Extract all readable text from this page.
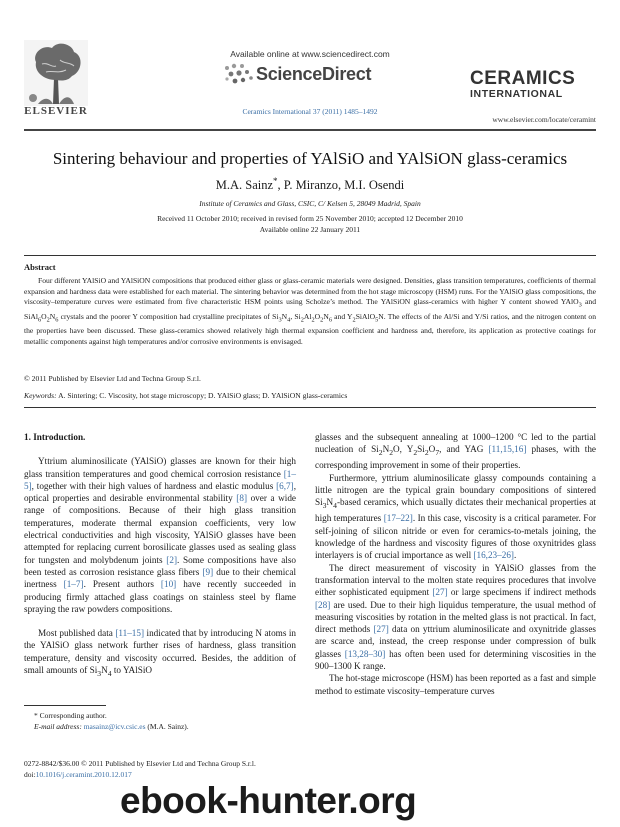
ELSEVIER
Available online at www.sciencedirect.com
ScienceDirect
Ceramics International 37 (2011) 1485–1492
CERAMICS
INTERNATIONAL
www.elsevier.com/locate/ceramint
Sintering behaviour and properties of YAlSiO and YAlSiON glass-ceramics
M.A. Sainz*, P. Miranzo, M.I. Osendi
Institute of Ceramics and Glass, CSIC, C/ Kelsen 5, 28049 Madrid, Spain
Received 11 October 2010; received in revised form 25 November 2010; accepted 12 December 2010
Available online 22 January 2011
Abstract
Four different YAlSiO and YAlSiON compositions that produced either glass or glass-ceramic materials were designed. Densities, glass transition temperatures, coefficients of thermal expansion and hardness data were established for each material. The sintering behavior was determined from the hot stage microscopy (HSM) runs. For the YAlSiO glass compositions, the viscosity–temperature curves were estimated from five characteristic HSM points using Scholze’s method. The YAlSiON glass-ceramics with higher Y content showed YAlO$_3$ and $SiAl_6O_2N_6$ crystals and the poorer Y composition had crystalline precipitates of $Si_3N_4$, $Si_2Al_2O_2N_6$ and $Y_2SiAlO_5N$. The effects of the Al/Si and Y/Si ratios, and the nitrogen content on the properties have been discussed. These glass-ceramics showed relatively high thermal expansion coefficient and hardness and, therefore, its application as protective coatings for metallic components against high temperatures and/or corrosive environments is envisaged.
© 2011 Published by Elsevier Ltd and Techna Group S.r.l.
Keywords: A. Sintering; C. Viscosity, hot stage microscopy; D. YAlSiO glass; D. YAlSiON glass-ceramics
1. Introduction.

Yttrium aluminosilicate (YAlSiO) glasses are known for their high glass transition temperatures and good chemical corrosion resistance [1–5], together with their high values of hardness and elastic modulus [6,7], optical properties and desirable environmental stability [8] over a wide range of compositions. Because of their high glass transition temperatures, moderate thermal expansion coefficients, very low electrical conductivities and high viscosity, YAlSiO glasses have been attempted for replacing current borosilicate glasses used as sealing glass for tungsten and molybdenum joints [2]. Some compositions have also been tested as corrosion resistance glass fibers [9] due to their chemical inertness [1–7]. Present authors [10] have recently succeeded in producing firmly attached glass coatings on stainless steel by flame spraying the raw powders compositions.

Most published data [11–15] indicated that by introducing N atoms in the YAlSiO glass network further rises of hardness, glass transition temperature, density and viscosity occurred. Besides, the addition of small amounts of $Si_3N_4$ to YAlSiO

glasses and the subsequent annealing at 1000–1200 °C led to the partial nucleation of $Si_2N_2O$, $Y_2Si_2O_7$, and YAG [11,15,16] phases, with the corresponding improvement in some of their properties.

Furthermore, yttrium aluminosilicate glassy compounds containing a little nitrogen are the typical grain boundary compositions of sintered $Si_3N_4$-based ceramics, which usually dictates their mechanical properties at high temperatures [17–22]. In this case, viscosity is a critical parameter. For self-joining of silicon nitride or even for ceramics-to-metals joining, the knowledge of the hardness and viscosity figures of those oxynitrides glass interlayers is of crucial importance as well [16,23–26].

The direct measurement of viscosity in YAlSiO glasses from the transformation interval to the molten state requires procedures that involve either sophisticated equipment [27] or large specimens if indirect methods [28] are used. Due to their high liquidus temperature, the usual method of measuring viscosities by rotation in the melted glass is not practical. In fact, direct methods [27] data on yttrium aluminosilicate and oxynitride glasses are scarce and, instead, the creep response under compression of bulk glasses [13,28–30] has often been used for determining viscosities in the 900–1300 K range.

The hot-stage microscope (HSM) has been reported as a fast and simple method to estimate viscosity–temperature curves

* Corresponding author.
E-mail address: masainz@icv.csic.es (M.A. Sainz).
0272-8842/$36.00 © 2011 Published by Elsevier Ltd and Techna Group S.r.l.
doi:10.1016/j.ceramint.2010.12.017
ebook-hunter.org
